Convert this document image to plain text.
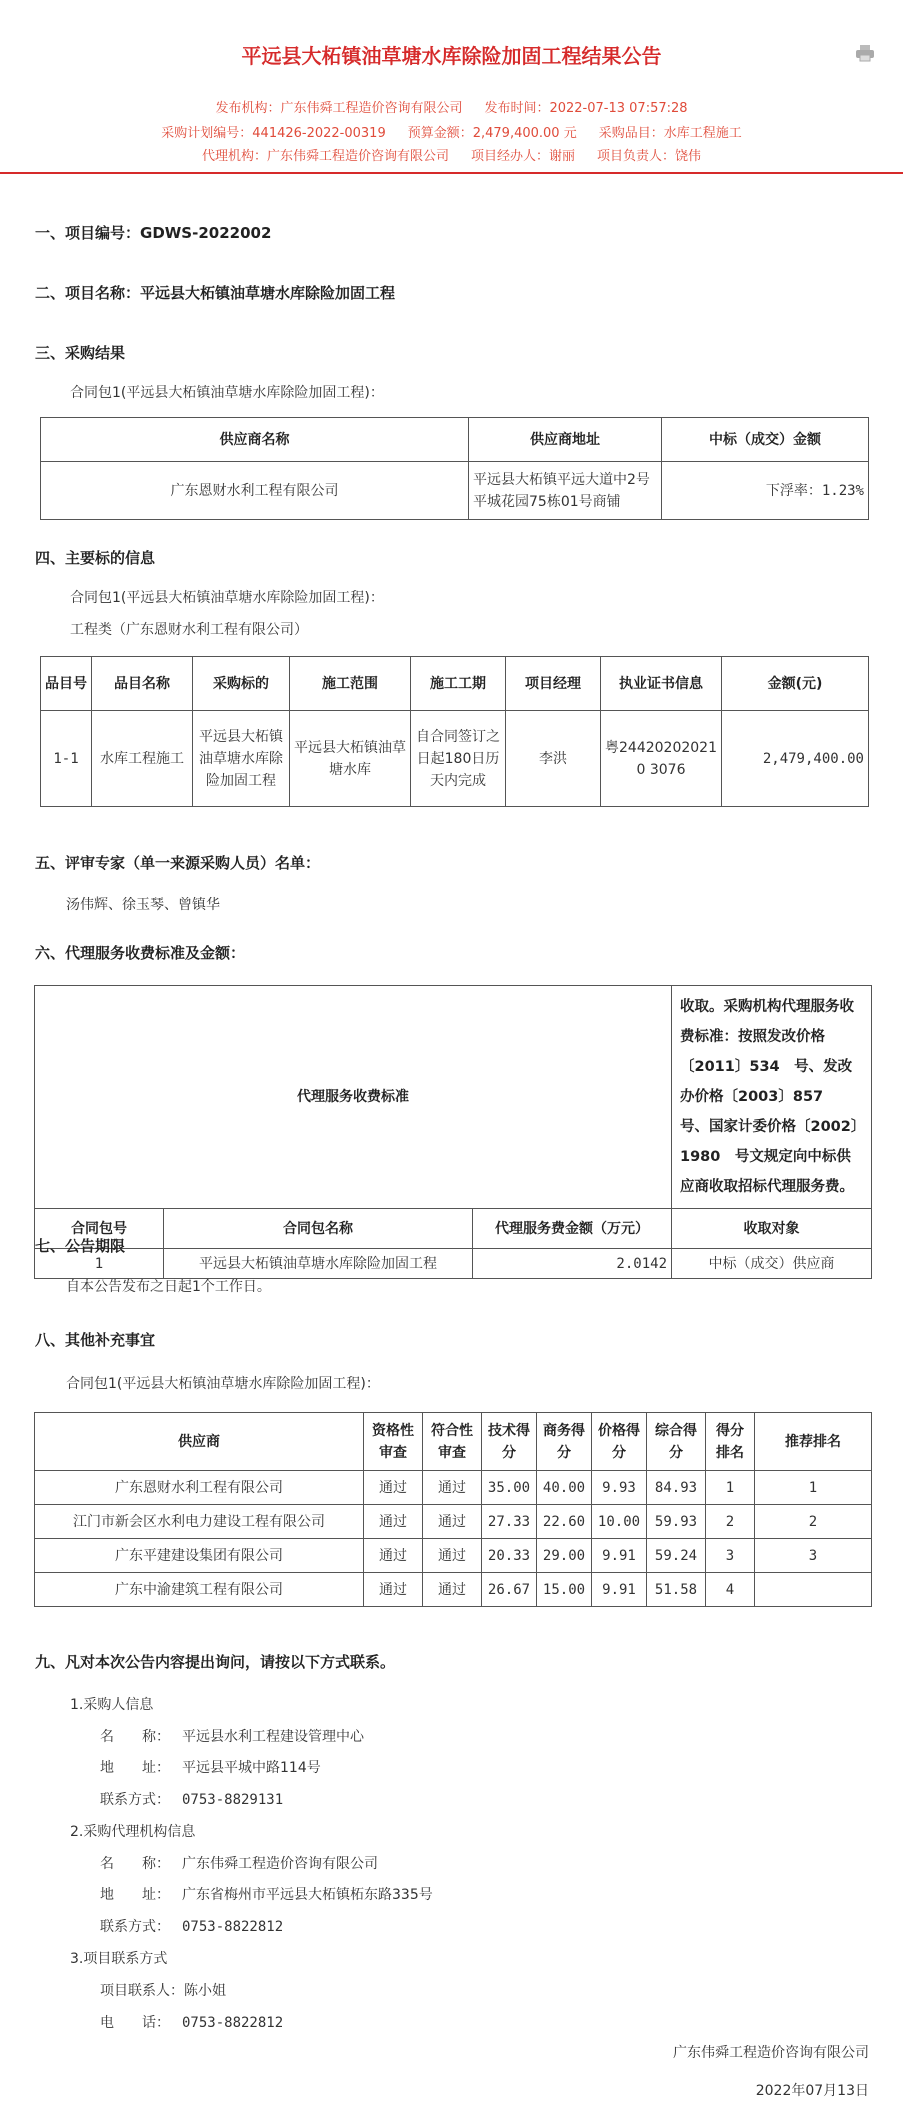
平远县大柘镇油草塘水库除险加固工程结果公告
发布机构：广东伟舜工程造价咨询有限公司 发布时间：2022-07-13 07:57:28
采购计划编号：441426-2022-00319 预算金额：2,479,400.00 元 采购品目：水库工程施工
代理机构：广东伟舜工程造价咨询有限公司 项目经办人：谢丽 项目负责人：饶伟
一、项目编号：GDWS-2022002
二、项目名称：平远县大柘镇油草塘水库除险加固工程
三、采购结果
合同包1(平远县大柘镇油草塘水库除险加固工程)：
供应商名称	供应商地址	中标（成交）金额
广东恩财水利工程有限公司	平远县大柘镇平远大道中2号平城花园75栋01号商铺	下浮率：1.23%
四、主要标的信息
合同包1(平远县大柘镇油草塘水库除险加固工程)：
工程类（广东恩财水利工程有限公司）
品目号	品目名称	采购标的	施工范围	施工工期	项目经理	执业证书信息	金额(元)
1-1	水库工程施工	平远县大柘镇油草塘水库除险加固工程	平远县大柘镇油草塘水库	自合同签订之日起180日历天内完成	李洪	粤244202020210 3076	2,479,400.00
五、评审专家（单一来源采购人员）名单：
汤伟辉、徐玉琴、曾镇华
六、代理服务收费标准及金额：
代理服务收费标准			收取。采购机构代理服务收费标准：按照发改价格〔2011〕534　号、发改办价格〔2003〕857　号、国家计委价格〔2002〕1980　号文规定向中标供应商收取招标代理服务费。
合同包号	合同包名称	代理服务费金额（万元）	收取对象
1	平远县大柘镇油草塘水库除险加固工程	2.0142	中标（成交）供应商
七、公告期限
自本公告发布之日起1个工作日。
八、其他补充事宜
合同包1(平远县大柘镇油草塘水库除险加固工程)：
供应商	资格性审查	符合性审查	技术得分	商务得分	价格得分	综合得分	得分排名	推荐排名
广东恩财水利工程有限公司	通过	通过	35.00	40.00	9.93	84.93	1	1
江门市新会区水利电力建设工程有限公司	通过	通过	27.33	22.60	10.00	59.93	2	2
广东平建建设集团有限公司	通过	通过	20.33	29.00	9.91	59.24	3	3
广东中渝建筑工程有限公司	通过	通过	26.67	15.00	9.91	51.58	4	
九、凡对本次公告内容提出询问，请按以下方式联系。
1.采购人信息
名　　称： 平远县水利工程建设管理中心
地　　址： 平远县平城中路114号
联系方式： 0753-8829131
2.采购代理机构信息
名　　称： 广东伟舜工程造价咨询有限公司
地　　址： 广东省梅州市平远县大柘镇柘东路335号
联系方式： 0753-8822812
3.项目联系方式
项目联系人：陈小姐
电　　话： 0753-8822812
广东伟舜工程造价咨询有限公司
2022年07月13日
